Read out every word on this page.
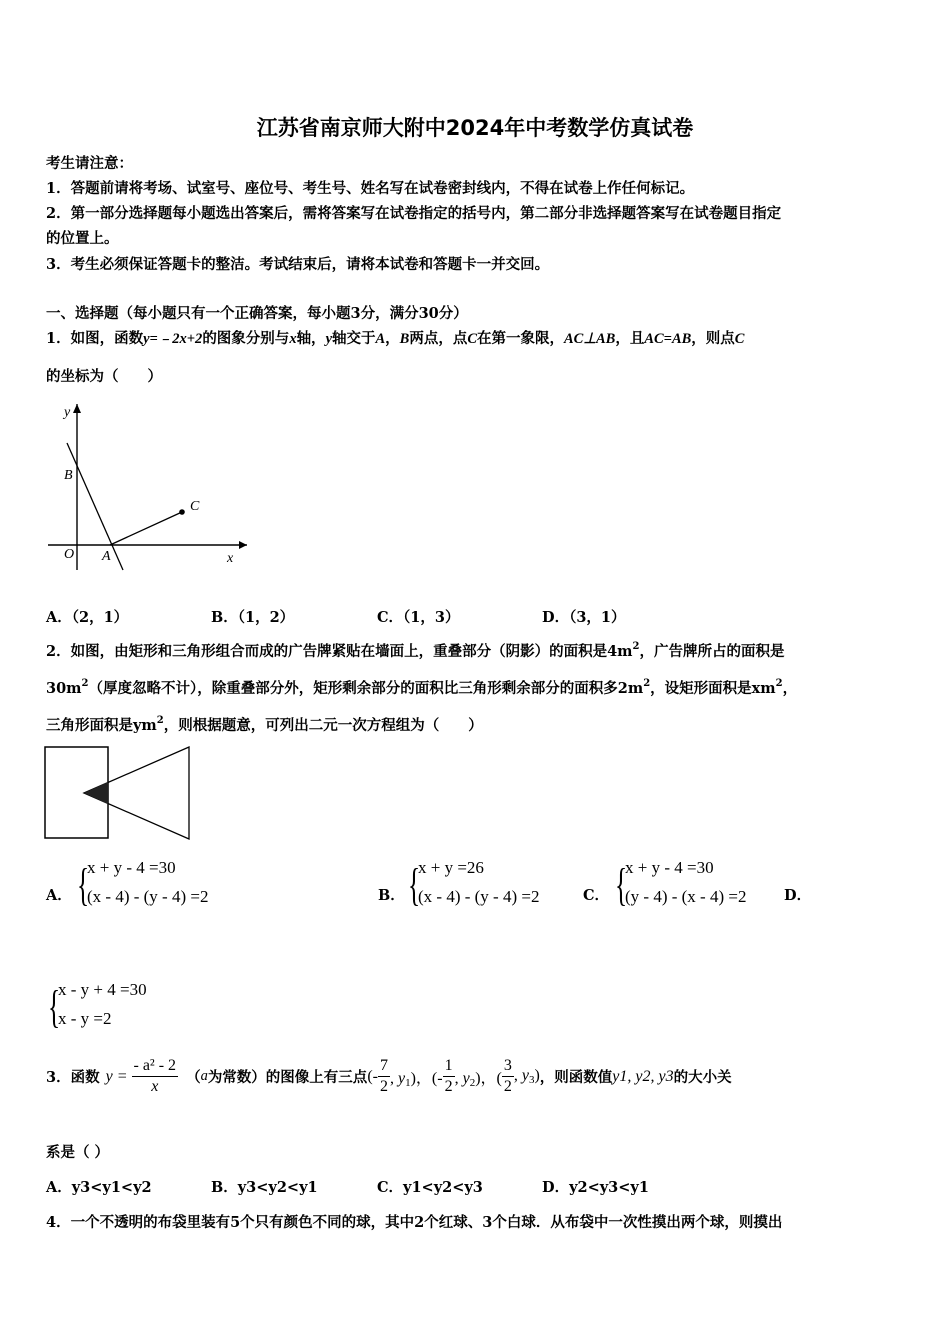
江苏省南京师大附中2024年中考数学仿真试卷
考生请注意：
1．答题前请将考场、试室号、座位号、考生号、姓名写在试卷密封线内，不得在试卷上作任何标记。
2．第一部分选择题每小题选出答案后，需将答案写在试卷指定的括号内，第二部分非选择题答案写在试卷题目指定
的位置上。
3．考生必须保证答题卡的整洁。考试结束后，请将本试卷和答题卡一并交回。
一、选择题（每小题只有一个正确答案，每小题3分，满分30分）
1．如图，函数y=﹣2x+2的图象分别与x轴，y轴交于A，B两点，点C在第一象限，AC⊥AB，且AC=AB，则点C
的坐标为（　　）
y
x
B
O A
C
A．（2，1）	B．（1，2）	C．（1，3）	D．（3，1）
2．如图，由矩形和三角形组合而成的广告牌紧贴在墙面上，重叠部分（阴影）的面积是$4m^2$，广告牌所占的面积是
$30m^2$（厚度忽略不计），除重叠部分外，矩形剩余部分的面积比三角形剩余部分的面积多$2m^2$，设矩形面积是$xm^2$，
三角形面积是$ym^2$，则根据题意，可列出二元一次方程组为（　　）
A． {
x + y - 4 =30
(x - 4) - (y - 4) =2	B． {
x + y =26
(x - 4) - (y - 4) =2	C． {
x + y - 4 =30
(y - 4) - (x - 4) =2	D．
{
x - y + 4 =30
x - y =2
3．函数 $y = \frac{\text{- a² - 2}}{x}$ （ a 为常数）的图像上有三点 (- $\frac{7}{2}$ , $y_1$)，(- $\frac{1}{2}$ , $y_2$)，( $\frac{3}{2}$ , $y_3$) ，则函数值 y1, y2, y3 的大小关
系是（ ）
A．y3<y1<y2	B．y3<y2<y1	C．y1<y2<y3	D．y2<y3<y1
4．一个不透明的布袋里装有5个只有颜色不同的球，其中2个红球、3个白球．从布袋中一次性摸出两个球，则摸出
